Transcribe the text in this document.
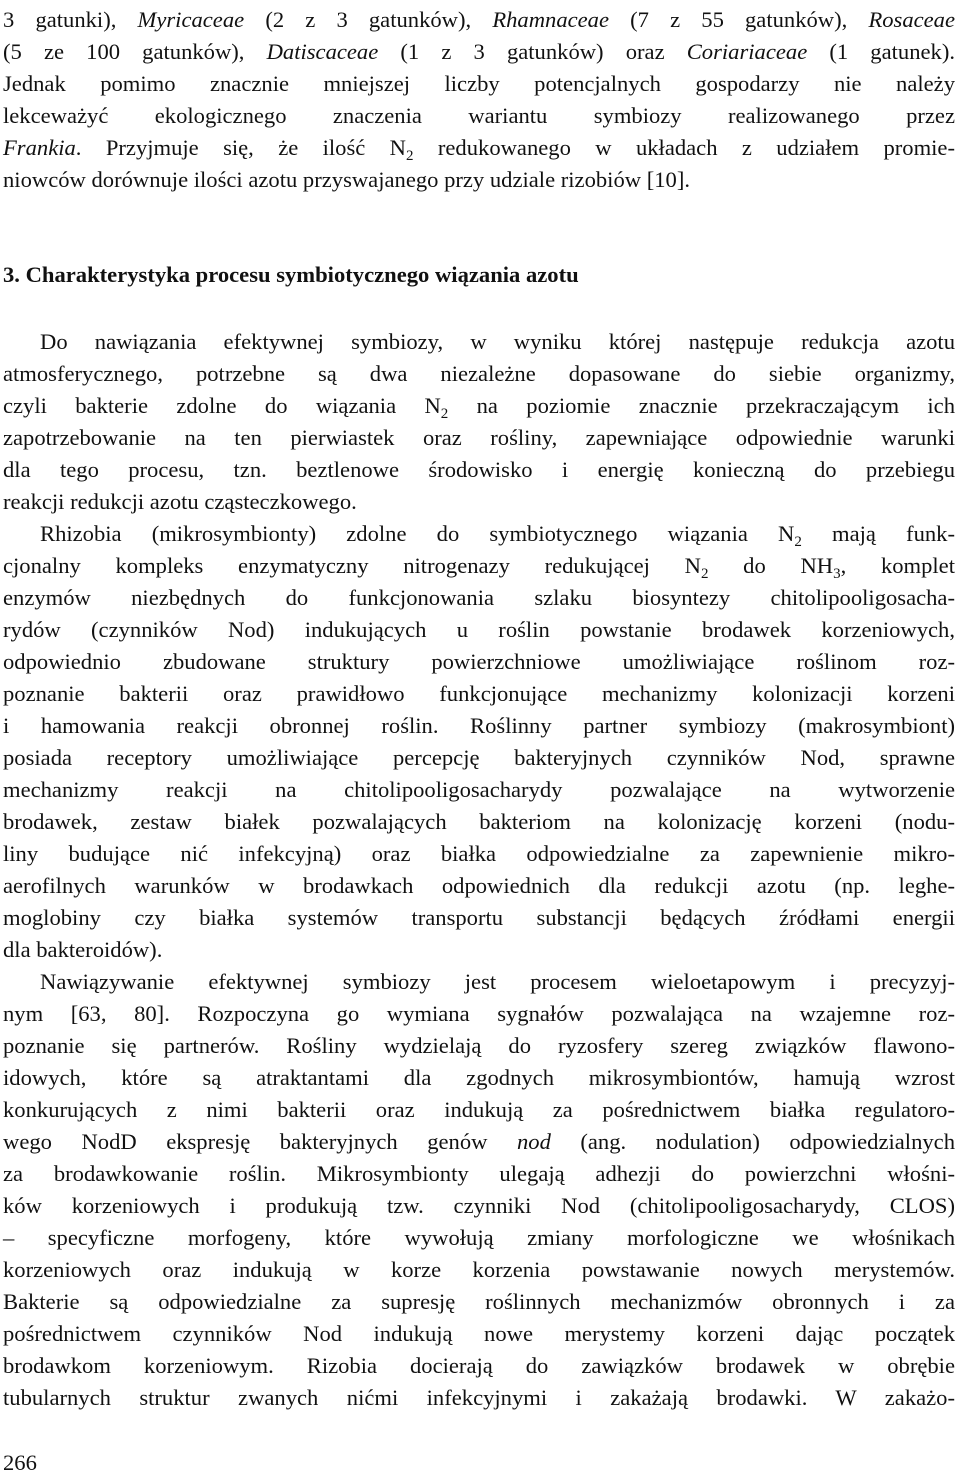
3 gatunki), Myricaceae (2 z 3 gatunków), Rhamnaceae (7 z 55 gatunków), Rosaceae
(5 ze 100 gatunków), Datiscaceae (1 z 3 gatunków) oraz Coriariaceae (1 gatunek).
Jednak pomimo znacznie mniejszej liczby potencjalnych gospodarzy nie należy
lekceważyć ekologicznego znaczenia wariantu symbiozy realizowanego przez
Frankia. Przyjmuje się, że ilość $N_2$ redukowanego w układach z udziałem promie-
niowców dorównuje ilości azotu przyswajanego przy udziale rizobiów [10].
3. Charakterystyka procesu symbiotycznego wiązania azotu
Do nawiązania efektywnej symbiozy, w wyniku której następuje redukcja azotu
atmosferycznego, potrzebne są dwa niezależne dopasowane do siebie organizmy,
czyli bakterie zdolne do wiązania $N_2$ na poziomie znacznie przekraczającym ich
zapotrzebowanie na ten pierwiastek oraz rośliny, zapewniające odpowiednie warunki
dla tego procesu, tzn. beztlenowe środowisko i energię konieczną do przebiegu
reakcji redukcji azotu cząsteczkowego.
Rhizobia (mikrosymbionty) zdolne do symbiotycznego wiązania $N_2$ mają funk-
cjonalny kompleks enzymatyczny nitrogenazy redukującej $N_2$ do $NH_3$, komplet
enzymów niezbędnych do funkcjonowania szlaku biosyntezy chitolipooligosacha-
rydów (czynników Nod) indukujących u roślin powstanie brodawek korzeniowych,
odpowiednio zbudowane struktury powierzchniowe umożliwiające roślinom roz-
poznanie bakterii oraz prawidłowo funkcjonujące mechanizmy kolonizacji korzeni
i hamowania reakcji obronnej roślin. Roślinny partner symbiozy (makrosymbiont)
posiada receptory umożliwiające percepcję bakteryjnych czynników Nod, sprawne
mechanizmy reakcji na chitolipooligosacharydy pozwalające na wytworzenie
brodawek, zestaw białek pozwalających bakteriom na kolonizację korzeni (nodu-
liny budujące nić infekcyjną) oraz białka odpowiedzialne za zapewnienie mikro-
aerofilnych warunków w brodawkach odpowiednich dla redukcji azotu (np. leghe-
moglobiny czy białka systemów transportu substancji będących źródłami energii
dla bakteroidów).
Nawiązywanie efektywnej symbiozy jest procesem wieloetapowym i precyzyj-
nym [63, 80]. Rozpoczyna go wymiana sygnałów pozwalająca na wzajemne roz-
poznanie się partnerów. Rośliny wydzielają do ryzosfery szereg związków flawono-
idowych, które są atraktantami dla zgodnych mikrosymbiontów, hamują wzrost
konkurujących z nimi bakterii oraz indukują za pośrednictwem białka regulatoro-
wego NodD ekspresję bakteryjnych genów nod (ang. nodulation) odpowiedzialnych
za brodawkowanie roślin. Mikrosymbionty ulegają adhezji do powierzchni włośni-
ków korzeniowych i produkują tzw. czynniki Nod (chitolipooligosacharydy, CLOS)
– specyficzne morfogeny, które wywołują zmiany morfologiczne we włośnikach
korzeniowych oraz indukują w korze korzenia powstawanie nowych merystemów.
Bakterie są odpowiedzialne za supresję roślinnych mechanizmów obronnych i za
pośrednictwem czynników Nod indukują nowe merystemy korzeni dając początek
brodawkom korzeniowym. Rizobia docierają do zawiązków brodawek w obrębie
tubularnych struktur zwanych nićmi infekcyjnymi i zakażają brodawki. W zakażo-
266
